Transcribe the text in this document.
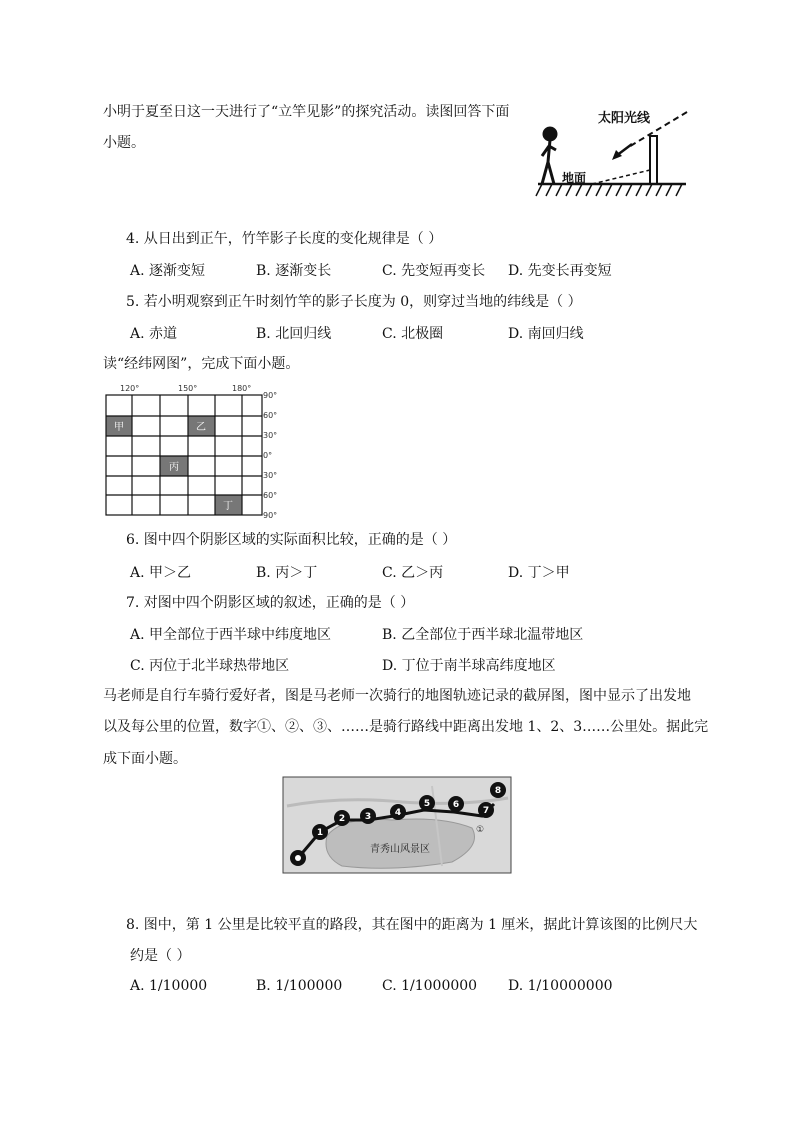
小明于夏至日这一天进行了“立竿见影”的探究活动。读图回答下面
小题。
太阳光线
地面
4. 从日出到正午，竹竿影子长度的变化规律是（ ）
A. 逐渐变短	B. 逐渐变长	C. 先变短再变长 D. 先变长再变短
5. 若小明观察到正午时刻竹竿的影子长度为 0，则穿过当地的纬线是（ ）
A. 赤道	B. 北回归线	C. 北极圈	D. 南回归线
读“经纬网图”，完成下面小题。
120°	150°	180°
90°
60°
30°
0°
30°
60°
90°
甲	乙
丙
丁
6. 图中四个阴影区域的实际面积比较，正确的是（ ）
A. 甲＞乙	B. 丙＞丁	C. 乙＞丙	D. 丁＞甲
7. 对图中四个阴影区域的叙述，正确的是（ ）
A. 甲全部位于西半球中纬度地区	B. 乙全部位于西半球北温带地区
C. 丙位于北半球热带地区	D. 丁位于南半球高纬度地区
马老师是自行车骑行爱好者，图是马老师一次骑行的地图轨迹记录的截屏图，图中显示了出发地
以及每公里的位置，数字①、②、③、……是骑行路线中距离出发地 1、2、3……公里处。据此完
成下面小题。
青秀山风景区
1
2 3	4
5	6
7
8
①
8. 图中，第 1 公里是比较平直的路段，其在图中的距离为 1 厘米，据此计算该图的比例尺大
约是（ ）
A. 1/10000	B. 1/100000	C. 1/1000000 D. 1/10000000
